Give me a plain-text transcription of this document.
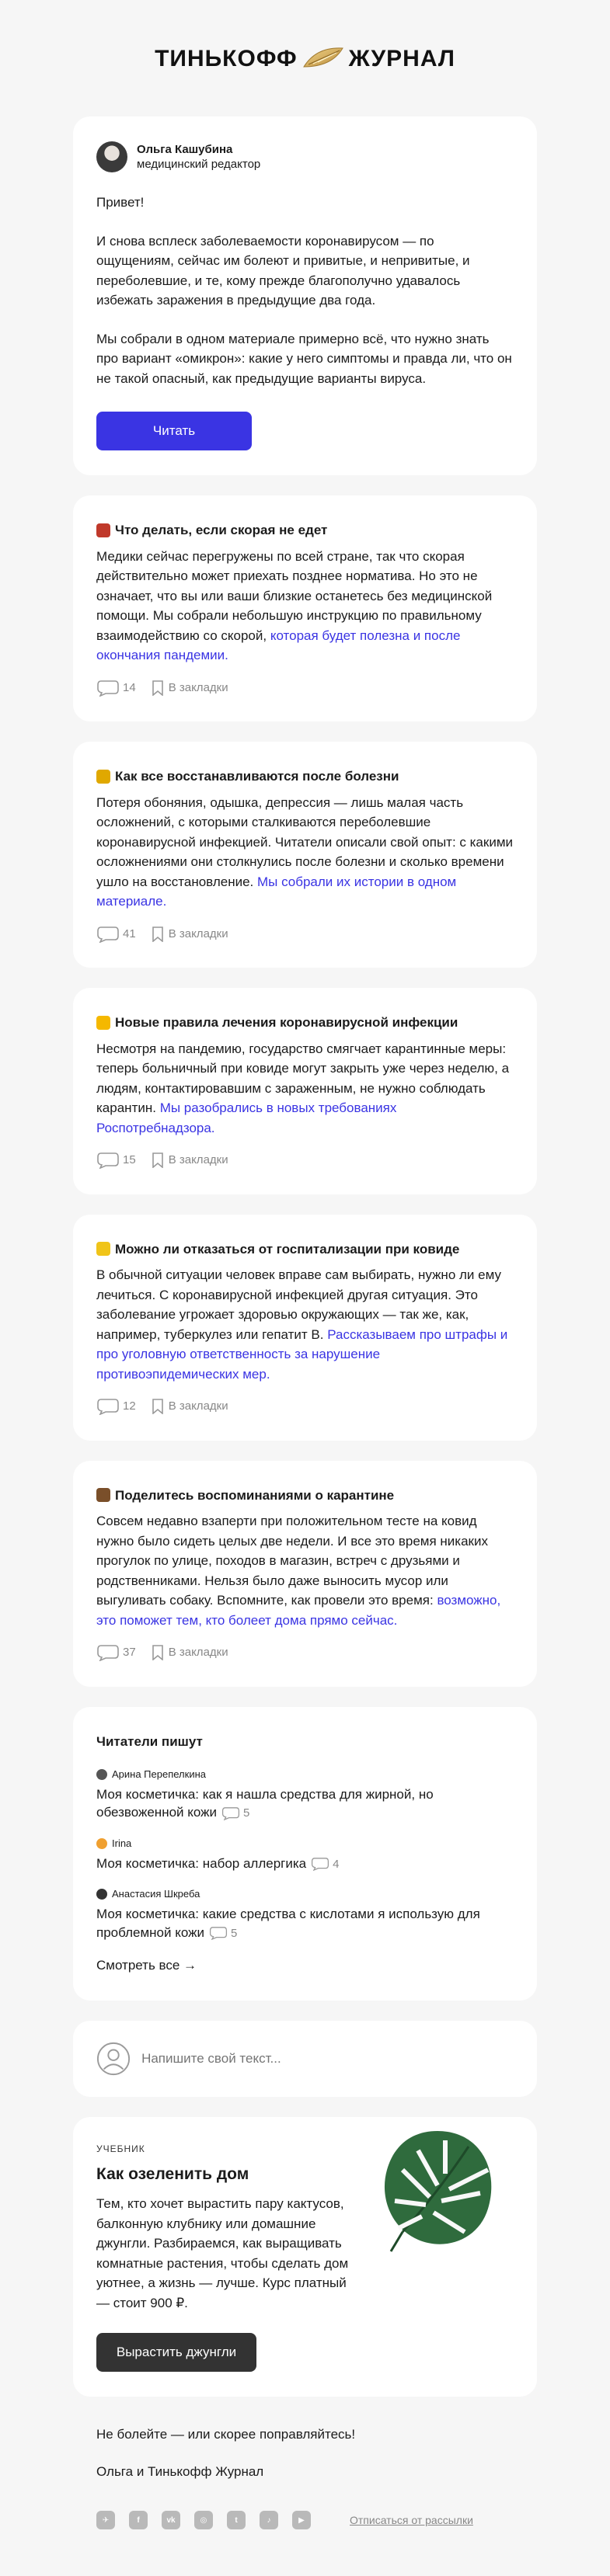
ТИНЬКОФФ ЖУРНАЛ
Ольга Кашубина
медицинский редактор
Привет!
И снова всплеск заболеваемости коронавирусом — по ощущениям, сейчас им болеют и привитые, и непривитые, и переболевшие, и те, кому прежде благополучно удавалось избежать заражения в предыдущие два года.
Мы собрали в одном материале примерно всё, что нужно знать про вариант «омикрон»: какие у него симптомы и правда ли, что он не такой опасный, как предыдущие варианты вируса.
Читать
Что делать, если скорая не едет
Медики сейчас перегружены по всей стране, так что скорая действительно может приехать позднее норматива. Но это не означает, что вы или ваши близкие останетесь без медицинской помощи. Мы собрали небольшую инструкцию по правильному взаимодействию со скорой, которая будет полезна и после окончания пандемии.
14	В закладки
Как все восстанавливаются после болезни
Потеря обоняния, одышка, депрессия — лишь малая часть осложнений, с которыми сталкиваются переболевшие коронавирусной инфекцией. Читатели описали свой опыт: с какими осложнениями они столкнулись после болезни и сколько времени ушло на восстановление. Мы собрали их истории в одном материале.
41	В закладки
Новые правила лечения коронавирусной инфекции
Несмотря на пандемию, государство смягчает карантинные меры: теперь больничный при ковиде могут закрыть уже через неделю, а людям, контактировавшим с зараженным, не нужно соблюдать карантин. Мы разобрались в новых требованиях Роспотребнадзора.
15	В закладки
Можно ли отказаться от госпитализации при ковиде
В обычной ситуации человек вправе сам выбирать, нужно ли ему лечиться. С коронавирусной инфекцией другая ситуация. Это заболевание угрожает здоровью окружающих — так же, как, например, туберкулез или гепатит B. Рассказываем про штрафы и про уголовную ответственность за нарушение противоэпидемических мер.
12	В закладки
Поделитесь воспоминаниями о карантине
Совсем недавно взаперти при положительном тесте на ковид нужно было сидеть целых две недели. И все это время никаких прогулок по улице, походов в магазин, встреч с друзьями и родственниками. Нельзя было даже выносить мусор или выгуливать собаку. Вспомните, как провели это время: возможно, это поможет тем, кто болеет дома прямо сейчас.
37	В закладки
Читатели пишут
Арина Перепелкина
Моя косметичка: как я нашла средства для жирной, но обезвоженной кожи 5
Irina
Моя косметичка: набор аллергика 4
Анастасия Шкреба
Моя косметичка: какие средства с кислотами я использую для проблемной кожи 5
Смотреть все →
Напишите свой текст...
УЧЕБНИК
Как озеленить дом
Тем, кто хочет вырастить пару кактусов, балконную клубнику или домашние джунгли. Разбираемся, как выращивать комнатные растения, чтобы сделать дом уютнее, а жизнь — лучше. Курс платный — стоит 900 ₽.
Вырастить джунгли

Не болейте — или скорее поправляйтесь!

Ольга и Тинькофф Журнал

✈	f	vk	◎	t	♪	▶	Отписаться от рассылки
